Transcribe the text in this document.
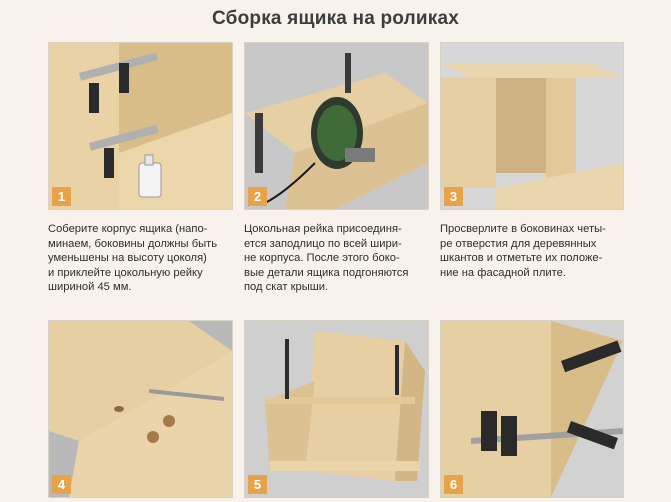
Сборка ящика на роликах
1	2	3
4	5	6
Соберите корпус ящика (напо-
минаем, боковины должны быть
уменьшены на высоту цоколя)
и приклейте цокольную рейку
шириной 45 мм.
Цокольная рейка присоединя-
ется заподлицо по всей шири-
не корпуса. После этого боко-
вые детали ящика подгоняются
под скат крыши.
Просверлите в боковинах четы-
ре отверстия для деревянных
шкантов и отметьте их положе-
ние на фасадной плите.
